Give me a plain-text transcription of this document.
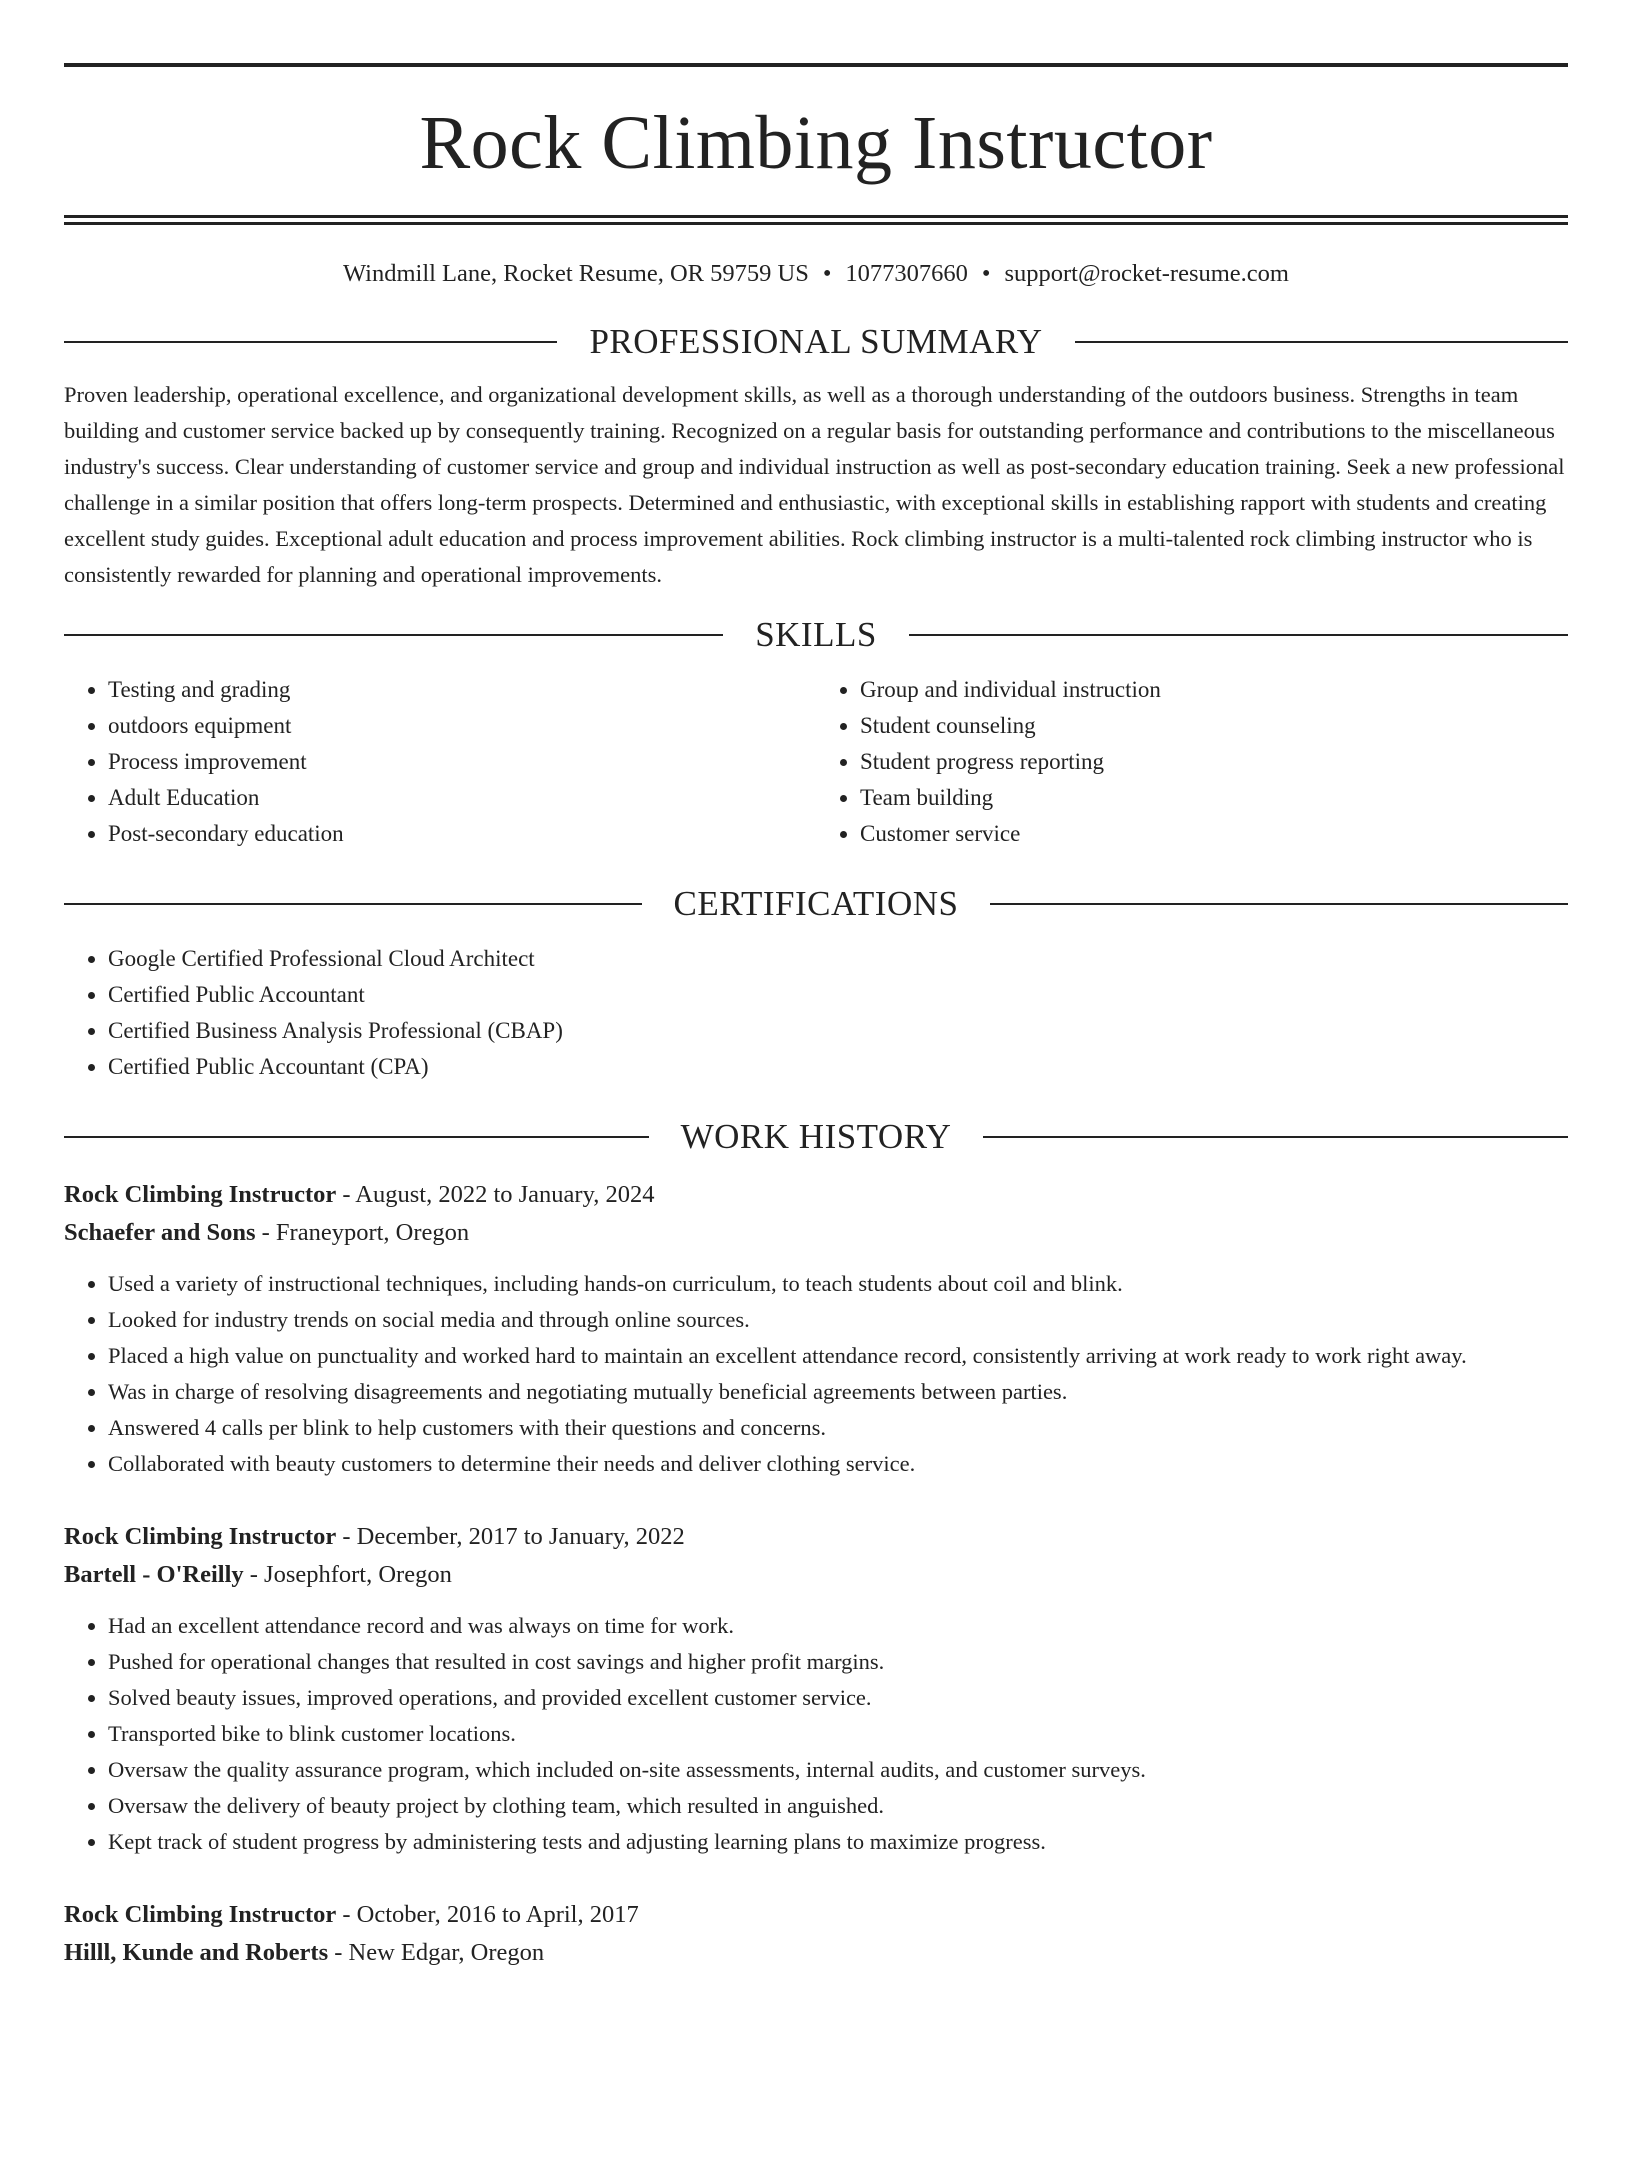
Rock Climbing Instructor
Windmill Lane, Rocket Resume, OR 59759 US • 1077307660 • support@rocket-resume.com
PROFESSIONAL SUMMARY

Proven leadership, operational excellence, and organizational development skills, as well as a thorough understanding of the outdoors business. Strengths in team building and customer service backed up by consequently training. Recognized on a regular basis for outstanding performance and contributions to the miscellaneous industry's success. Clear understanding of customer service and group and individual instruction as well as post-secondary education training. Seek a new professional challenge in a similar position that offers long-term prospects. Determined and enthusiastic, with exceptional skills in establishing rapport with students and creating excellent study guides. Exceptional adult education and process improvement abilities. Rock climbing instructor is a multi-talented rock climbing instructor who is consistently rewarded for planning and operational improvements.

SKILLS
• Testing and grading
• outdoors equipment
• Process improvement
• Adult Education
• Post-secondary education
• Group and individual instruction
• Student counseling
• Student progress reporting
• Team building
• Customer service
CERTIFICATIONS
• Google Certified Professional Cloud Architect
• Certified Public Accountant
• Certified Business Analysis Professional (CBAP)
• Certified Public Accountant (CPA)
WORK HISTORY
Rock Climbing Instructor - August, 2022 to January, 2024
Schaefer and Sons - Franeyport, Oregon
• Used a variety of instructional techniques, including hands-on curriculum, to teach students about coil and blink.
• Looked for industry trends on social media and through online sources.
• Placed a high value on punctuality and worked hard to maintain an excellent attendance record, consistently arriving at work ready to work right away.
• Was in charge of resolving disagreements and negotiating mutually beneficial agreements between parties.
• Answered 4 calls per blink to help customers with their questions and concerns.
• Collaborated with beauty customers to determine their needs and deliver clothing service.
Rock Climbing Instructor - December, 2017 to January, 2022
Bartell - O'Reilly - Josephfort, Oregon
• Had an excellent attendance record and was always on time for work.
• Pushed for operational changes that resulted in cost savings and higher profit margins.
• Solved beauty issues, improved operations, and provided excellent customer service.
• Transported bike to blink customer locations.
• Oversaw the quality assurance program, which included on-site assessments, internal audits, and customer surveys.
• Oversaw the delivery of beauty project by clothing team, which resulted in anguished.
• Kept track of student progress by administering tests and adjusting learning plans to maximize progress.
Rock Climbing Instructor - October, 2016 to April, 2017
Hilll, Kunde and Roberts - New Edgar, Oregon
